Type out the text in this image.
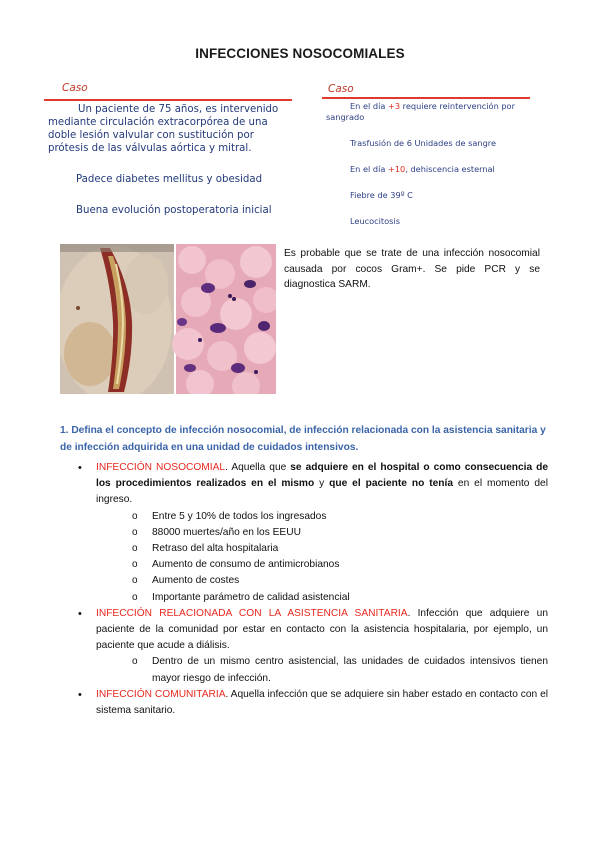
INFECCIONES NOSOCOMIALES
Caso
Un paciente de 75 años, es intervenido
mediante circulación extracorpórea de una
doble lesión valvular con sustitución por
prótesis de las válvulas aórtica y mitral.
Padece diabetes mellitus y obesidad
Buena evolución postoperatoria inicial
Caso
En el día +3 requiere reintervención por
sangrado
Trasfusión de 6 Unidades de sangre
En el día +10, dehiscencia esternal
Fiebre de 39º C
Leucocitosis
Es probable que se trate de una infección nosocomial causada por cocos Gram+. Se pide PCR y se diagnostica SARM.
1. Defina el concepto de infección nosocomial, de infección relacionada con la asistencia sanitaria y de infección adquirida en una unidad de cuidados intensivos.
• INFECCIÓN NOSOCOMIAL. Aquella que se adquiere en el hospital o como consecuencia de los procedimientos realizados en el mismo y que el paciente no tenía en el momento del ingreso.
o Entre 5 y 10% de todos los ingresados
o 88000 muertes/año en los EEUU
o Retraso del alta hospitalaria
o Aumento de consumo de antimicrobianos
o Aumento de costes
o Importante parámetro de calidad asistencial
• INFECCIÓN RELACIONADA CON LA ASISTENCIA SANITARIA. Infección que adquiere un paciente de la comunidad por estar en contacto con la asistencia hospitalaria, por ejemplo, un paciente que acude a diálisis.
o Dentro de un mismo centro asistencial, las unidades de cuidados intensivos tienen mayor riesgo de infección.
• INFECCIÓN COMUNITARIA. Aquella infección que se adquiere sin haber estado en contacto con el sistema sanitario.
